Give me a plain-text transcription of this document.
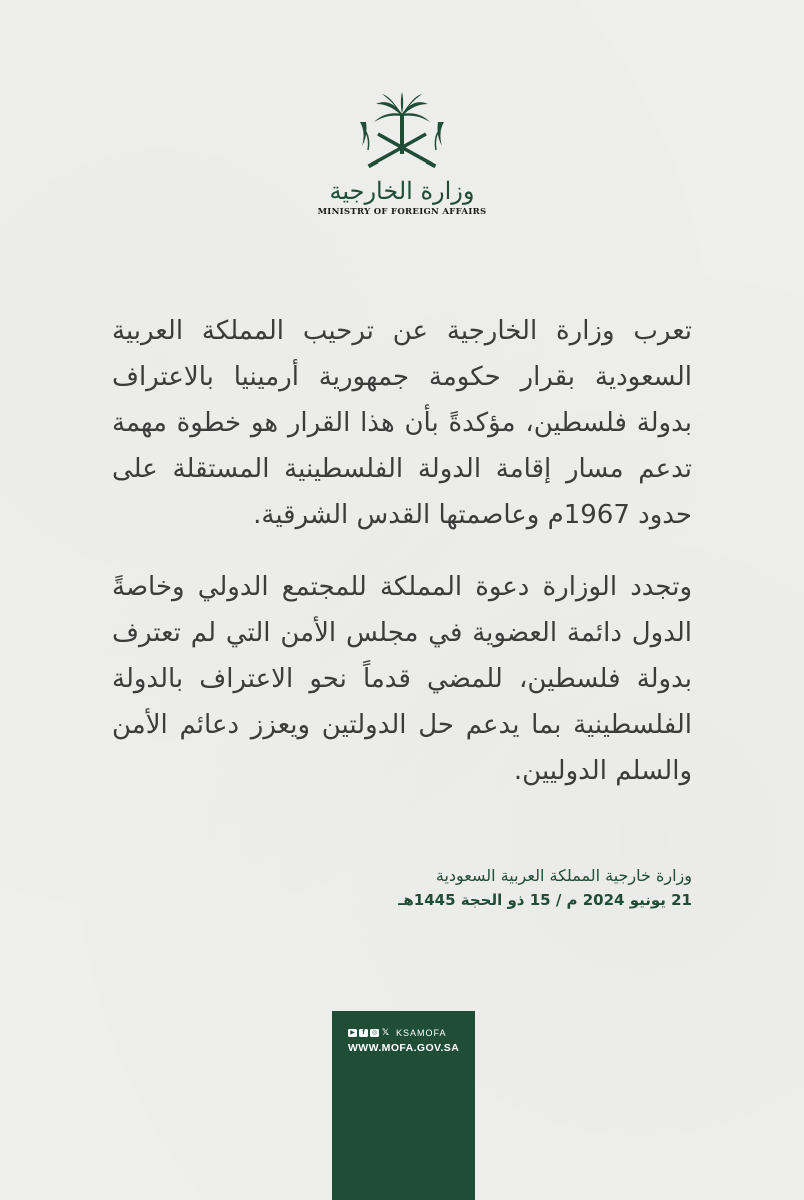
وزارة الخارجية
MINISTRY OF FOREIGN AFFAIRS

تعرب وزارة الخارجية عن ترحيب المملكة العربية السعودية بقرار حكومة جمهورية أرمينيا بالاعتراف بدولة فلسطين، مؤكدةً بأن هذا القرار هو خطوة مهمة تدعم مسار إقامة الدولة الفلسطينية المستقلة على حدود 1967م وعاصمتها القدس الشرقية.

وتجدد الوزارة دعوة المملكة للمجتمع الدولي وخاصةً الدول دائمة العضوية في مجلس الأمن التي لم تعترف بدولة فلسطين، للمضي قدماً نحو الاعتراف بالدولة الفلسطينية بما يدعم حل الدولتين ويعزز دعائم الأمن والسلم الدوليين.

وزارة خارجية المملكة العربية السعودية
21 يونيو 2024 م / 15 ذو الحجة 1445هـ
▶	f	◎ 𝕏 KSAMOFA
WWW.MOFA.GOV.SA
